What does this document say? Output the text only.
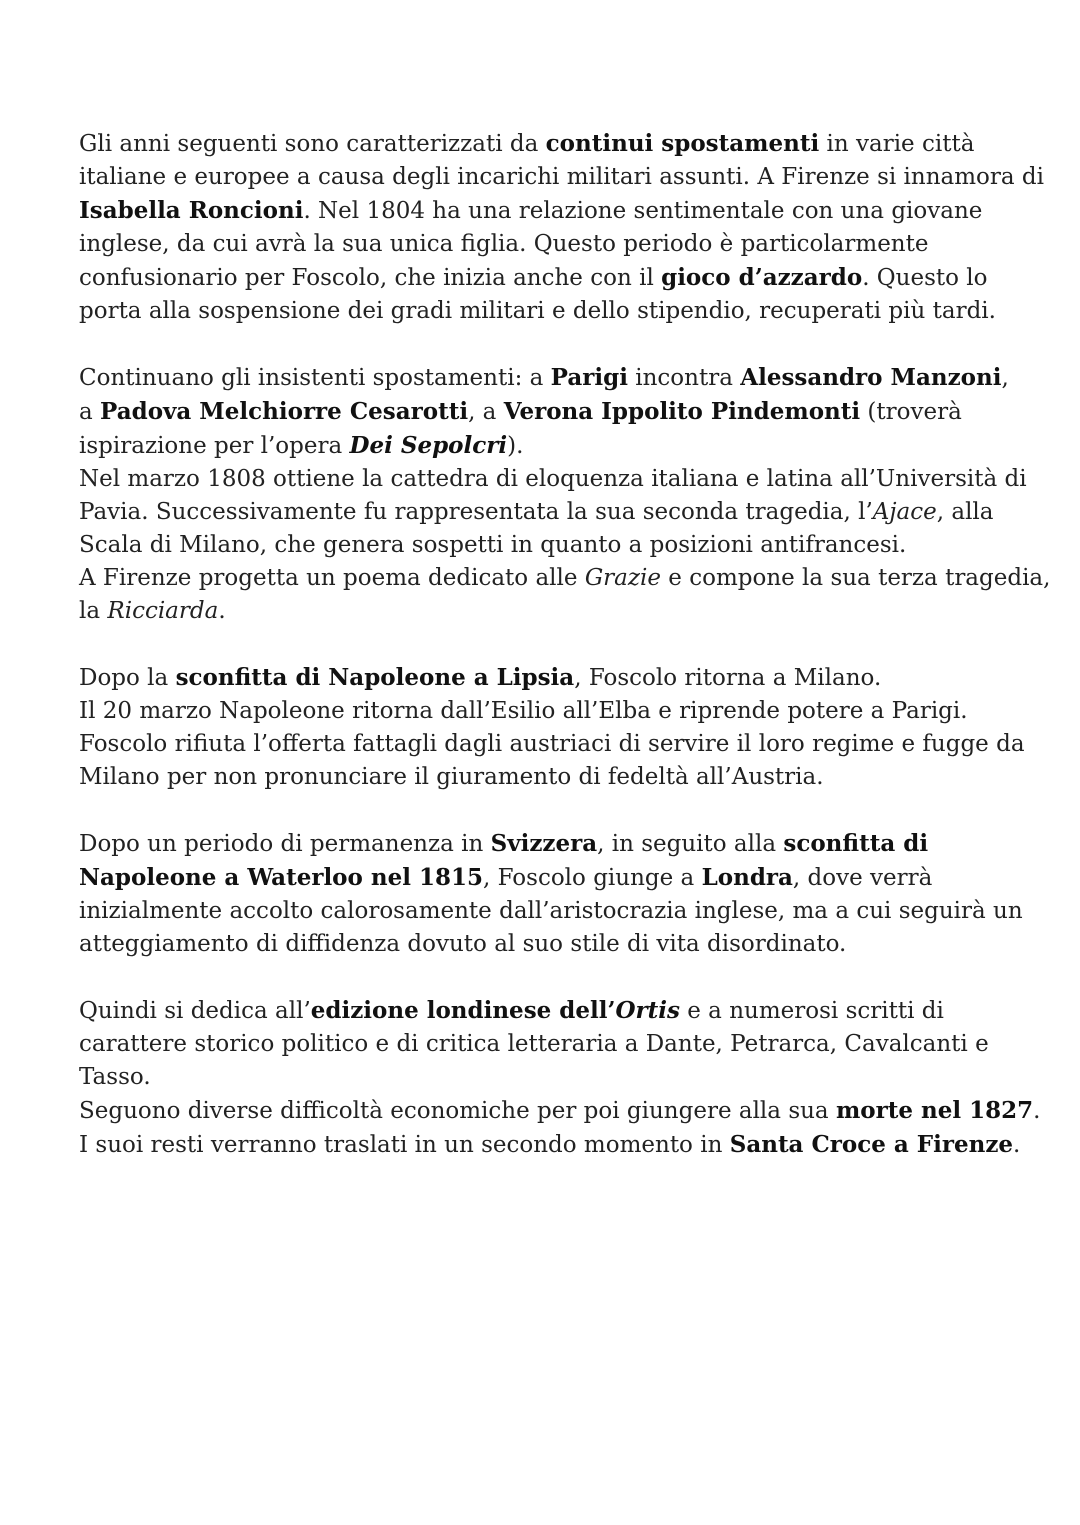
Gli anni seguenti sono caratterizzati da continui spostamenti in varie città
italiane e europee a causa degli incarichi militari assunti. A Firenze si innamora di
Isabella Roncioni. Nel 1804 ha una relazione sentimentale con una giovane
inglese, da cui avrà la sua unica figlia. Questo periodo è particolarmente
confusionario per Foscolo, che inizia anche con il gioco d’azzardo. Questo lo
porta alla sospensione dei gradi militari e dello stipendio, recuperati più tardi.
Continuano gli insistenti spostamenti: a Parigi incontra Alessandro Manzoni,
a Padova Melchiorre Cesarotti, a Verona Ippolito Pindemonti (troverà
ispirazione per l’opera Dei Sepolcri).
Nel marzo 1808 ottiene la cattedra di eloquenza italiana e latina all’Università di
Pavia. Successivamente fu rappresentata la sua seconda tragedia, l’Ajace, alla
Scala di Milano, che genera sospetti in quanto a posizioni antifrancesi.
A Firenze progetta un poema dedicato alle Grazie e compone la sua terza tragedia,
la Ricciarda.
Dopo la sconfitta di Napoleone a Lipsia, Foscolo ritorna a Milano.
Il 20 marzo Napoleone ritorna dall’Esilio all’Elba e riprende potere a Parigi.
Foscolo rifiuta l’offerta fattagli dagli austriaci di servire il loro regime e fugge da
Milano per non pronunciare il giuramento di fedeltà all’Austria.
Dopo un periodo di permanenza in Svizzera, in seguito alla sconfitta di
Napoleone a Waterloo nel 1815, Foscolo giunge a Londra, dove verrà
inizialmente accolto calorosamente dall’aristocrazia inglese, ma a cui seguirà un
atteggiamento di diffidenza dovuto al suo stile di vita disordinato.
Quindi si dedica all’edizione londinese dell’Ortis e a numerosi scritti di
carattere storico politico e di critica letteraria a Dante, Petrarca, Cavalcanti e
Tasso.
Seguono diverse difficoltà economiche per poi giungere alla sua morte nel 1827.
I suoi resti verranno traslati in un secondo momento in Santa Croce a Firenze.
